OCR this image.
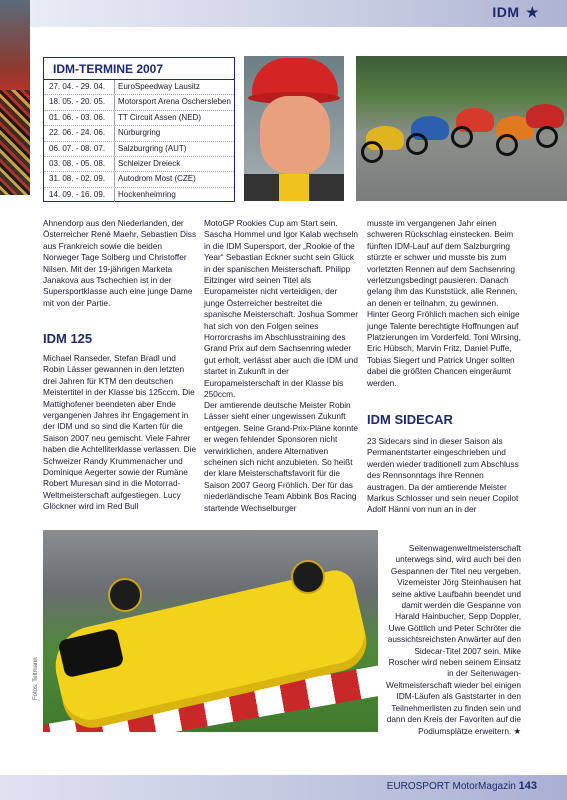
IDM ★
IDM-TERMINE 2007
27. 04. - 29. 04.	EuroSpeedway Lausitz
18. 05. - 20. 05.	Motorsport Arena Oschersleben
01. 06. - 03. 06.	TT Circuit Assen (NED)
22. 06. - 24. 06.	Nürburgring
06. 07. - 08. 07.	Salzburgring (AUT)
03. 08. - 05. 08.	Schleizer Dreieck
31. 08. - 02. 09.	Autodrom Most (CZE)
14. 09. - 16. 09.	Hockenheimring

Ahnendorp aus den Niederlanden, der Österreicher René Maehr, Sebastien Diss aus Frankreich sowie die beiden Norweger Tage Solberg und Christoffer Nilsen. Mit der 19-jährigen Marketa Janakova aus Tschechien ist in der Supersportklasse auch eine junge Dame mit von der Partie.

IDM 125

Michael Ranseder, Stefan Bradl und Robin Lässer gewannen in den letzten drei Jahren für KTM den deutschen Meistertitel in der Klasse bis 125ccm. Die Mattighofener beendeten aber Ende vergangenen Jahres ihr Engagement in der IDM und so sind die Karten für die Saison 2007 neu gemischt. Viele Fahrer haben die Achtelliterklasse verlassen. Die Schweizer Randy Krummenacher und Dominique Aegerter sowie der Rumäne Robert Muresan sind in die Motorrad-Weltmeisterschaft aufgestiegen. Lucy Glöckner wird im Red Bull

MotoGP Rookies Cup am Start sein. Sascha Hommel und Igor Kalab wechseln in die IDM Supersport, der „Rookie of the Year“ Sebastian Eckner sucht sein Glück in der spanischen Meisterschaft. Philipp Eitzinger wird seinen Titel als Europameister nicht verteidigen, der junge Österreicher bestreitet die spanische Meisterschaft. Joshua Sommer hat sich von den Folgen seines Horrorcrashs im Abschlusstraining des Grand Prix auf dem Sachsenring wieder gut erholt, verlässt aber auch die IDM und startet in Zukunft in der Europameisterschaft in der Klasse bis 250ccm.

Der amtierende deutsche Meister Robin Lässer sieht einer ungewissen Zukunft entgegen. Seine Grand-Prix-Pläne konnte er wegen fehlender Sponsoren nicht verwirklichen, andere Alternativen scheinen sich nicht anzubieten. So heißt der klare Meisterschaftsfavorit für die Saison 2007 Georg Fröhlich. Der für das niederländische Team Abbink Bos Racing startende Wechselburger

musste im vergangenen Jahr einen schweren Rückschlag einstecken. Beim fünften IDM-Lauf auf dem Salzburgring stürzte er schwer und musste bis zum vorletzten Rennen auf dem Sachsenring verletzungsbedingt pausieren. Danach gelang ihm das Kunststück, alle Rennen, an denen er teilnahm, zu gewinnen. Hinter Georg Fröhlich machen sich einige junge Talente berechtigte Hoffnungen auf Platzierungen im Vorderfeld. Toni Wirsing, Eric Hübsch, Marvin Fritz, Daniel Puffe, Tobias Siegert und Patrick Unger sollten dabei die größten Chancen eingeräumt werden.

IDM SIDECAR

23 Sidecars sind in dieser Saison als Permanentstarter eingeschrieben und werden wieder traditionell zum Abschluss des Rennsonntags ihre Rennen austragen. Da der amtierende Meister Markus Schlosser und sein neuer Copilot Adolf Hänni von nun an in der

Fotos: Teltmann

Seitenwagenweltmeisterschaft unterwegs sind, wird auch bei den Gespannen der Titel neu vergeben. Vizemeister Jörg Steinhausen hat seine aktive Laufbahn beendet und damit werden die Gespanne von Harald Hainbucher, Sepp Doppler, Uwe Göttlich und Peter Schröter die aussichtsreichsten Anwärter auf den Sidecar-Titel 2007 sein. Mike Roscher wird neben seinem Einsatz in der Seitenwagen-Weltmeisterschaft wieder bei einigen IDM-Läufen als Gaststarter in den Teilnehmerlisten zu finden sein und dann den Kreis der Favoriten auf die Podiumsplätze erweitern. ★

EUROSPORT MotorMagazin 143
